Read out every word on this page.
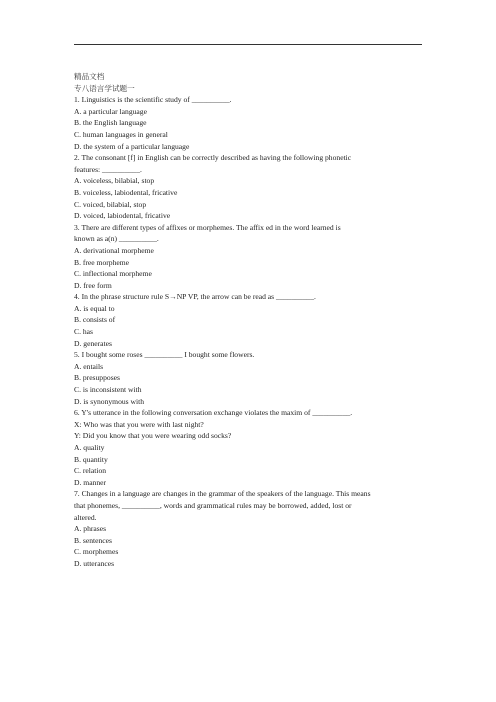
精品文档
专八语言学试题一
1. Linguistics is the scientific study of __________.
A. a particular language
B. the English language
C. human languages in general
D. the system of a particular language
2. The consonant [f] in English can be correctly described as having the following phonetic
features: __________.
A. voiceless, bilabial, stop
B. voiceless, labiodental, fricative
C. voiced, bilabial, stop
D. voiced, labiodental, fricative
3. There are different types of affixes or morphemes. The affix ed in the word learned is
known as a(n) __________.
A. derivational morpheme
B. free morpheme
C. inflectional morpheme
D. free form
4. In the phrase structure rule S→NP VP, the arrow can be read as __________.
A. is equal to
B. consists of
C. has
D. generates
5. I bought some roses __________ I bought some flowers.
A. entails
B. presupposes
C. is inconsistent with
D. is synonymous with
6. Y's utterance in the following conversation exchange violates the maxim of __________.
X: Who was that you were with last night?
Y: Did you know that you were wearing odd socks?
A. quality
B. quantity
C. relation
D. manner
7. Changes in a language are changes in the grammar of the speakers of the language. This means
that phonemes, __________, words and grammatical rules may be borrowed, added, lost or
altered.
A. phrases
B. sentences
C. morphemes
D. utterances
